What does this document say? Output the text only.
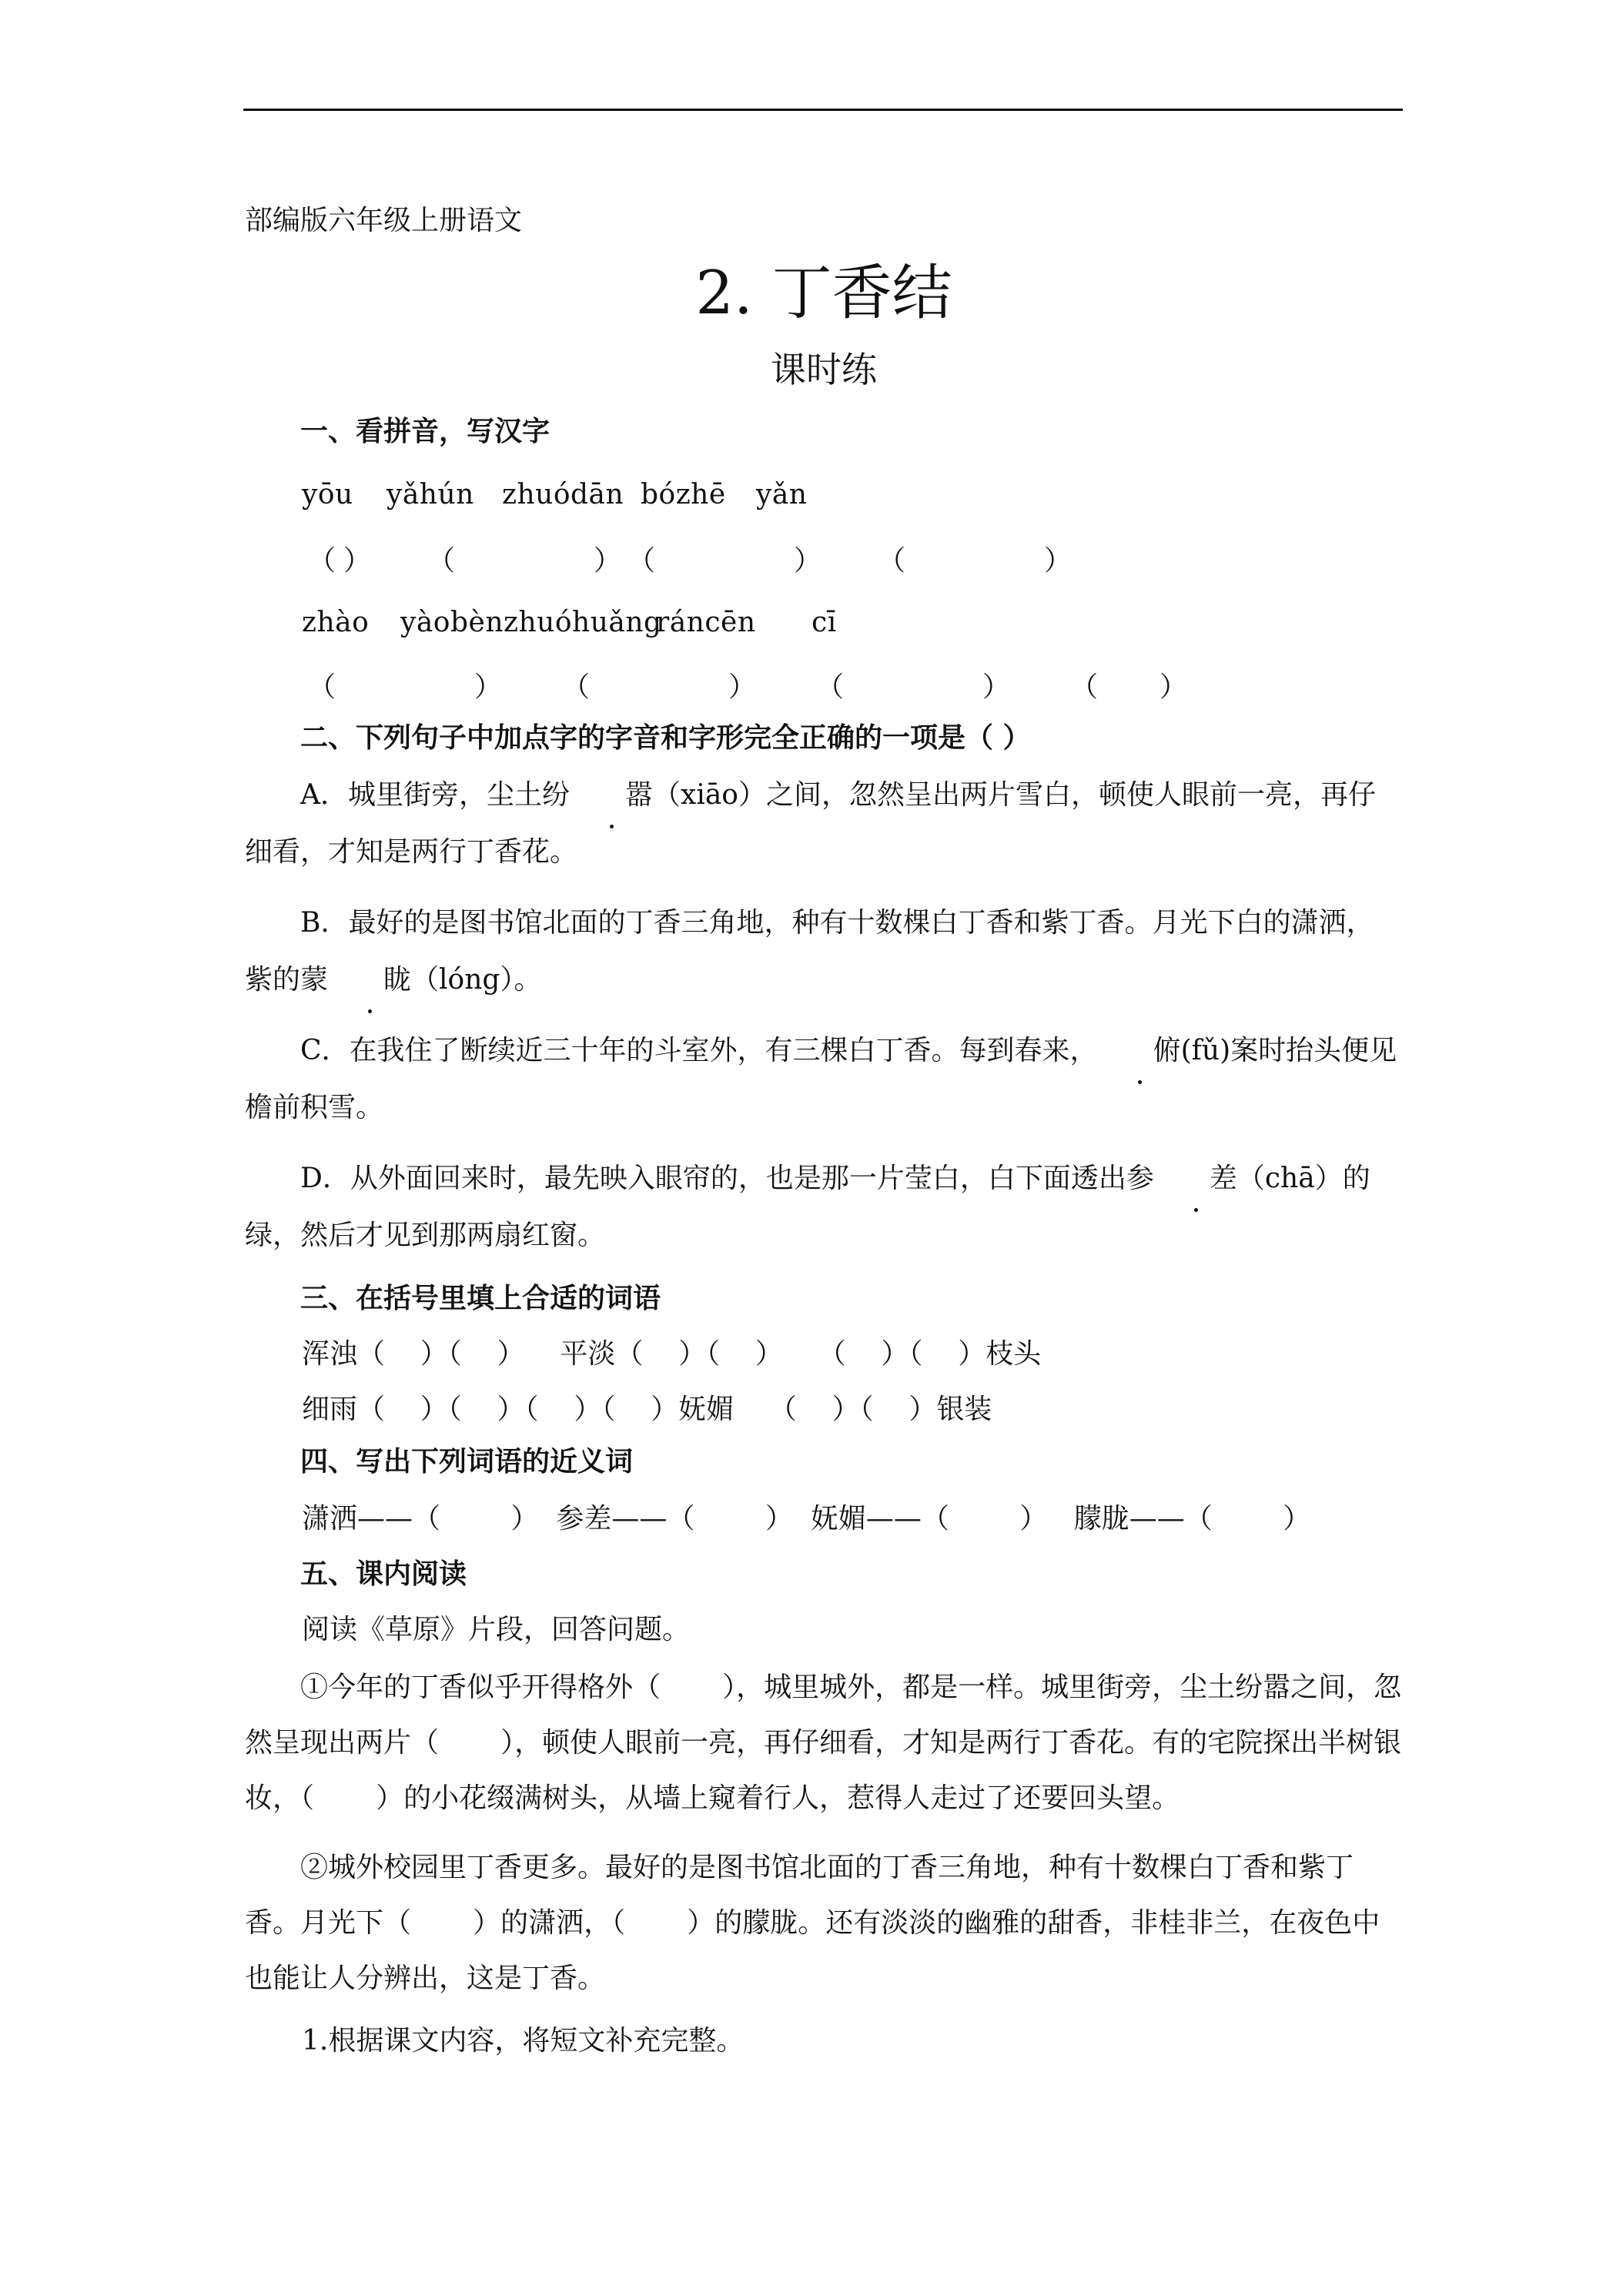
部编版六年级上册语文
2. 丁香结
课时练
一、看拼音，写汉字
yōu yǎhún zhuódān bózhē yǎn
（ ） （	） （	） （	）
zhào yàobènzhuóhuǎng
ráncēn cī
（	） （	） （	） （ ）
二、下列句子中加点字的字音和字形完全正确的一项是（ ）
A．城里街旁，尘土纷 嚣（xiāo）之间，忽然呈出两片雪白，顿使人眼前一亮，再仔细看，才知是两行丁香花。
B．最好的是图书馆北面的丁香三角地，种有十数棵白丁香和紫丁香。月光下白的潇洒，紫的蒙 眬（lóng）。
C．在我住了断续近三十年的斗室外，有三棵白丁香。每到春来， 俯(fǔ)案时抬头便见檐前积雪。
D．从外面回来时，最先映入眼帘的，也是那一片莹白，白下面透出参 差（chā）的绿，然后才见到那两扇红窗。
三、在括号里填上合适的词语
浑浊（    ）（    ）    平淡（    ）（    ）    （    ）（    ）枝头
细雨（    ）（    ）（    ）（    ）妩媚    （    ）（    ）银装
四、写出下列词语的近义词
潇洒——（        ）  参差——（        ）  妩媚——（        ）   朦胧——（        ）
五、课内阅读
阅读《草原》片段，回答问题。
①今年的丁香似乎开得格外（       ），城里城外，都是一样。城里街旁，尘土纷嚣之间，忽然呈现出两片（       ），顿使人眼前一亮，再仔细看，才知是两行丁香花。有的宅院探出半树银妆，（       ）的小花缀满树头，从墙上窥着行人，惹得人走过了还要回头望。
②城外校园里丁香更多。最好的是图书馆北面的丁香三角地，种有十数棵白丁香和紫丁香。月光下（       ）的潇洒，（       ）的朦胧。还有淡淡的幽雅的甜香，非桂非兰，在夜色中也能让人分辨出，这是丁香。
1.根据课文内容，将短文补充完整。
